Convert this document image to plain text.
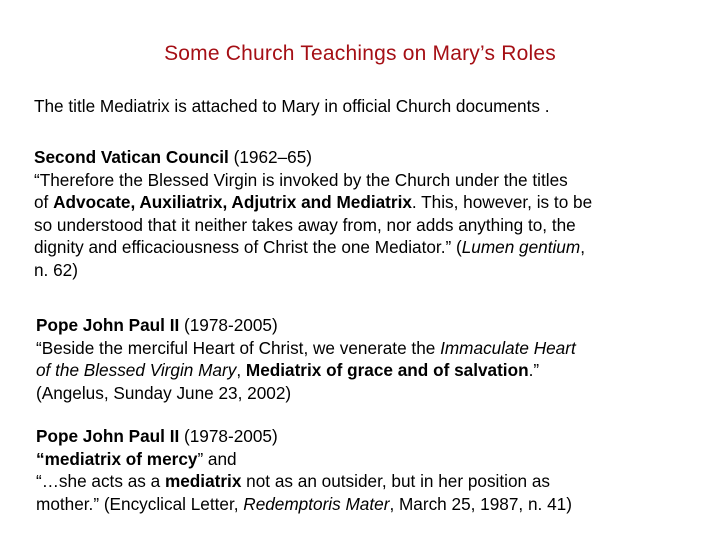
Some Church Teachings on Mary’s Roles
The title Mediatrix is attached to Mary in official Church documents .
Second Vatican Council (1962–65)
“Therefore the Blessed Virgin is invoked by the Church under the titles
of Advocate, Auxiliatrix, Adjutrix and Mediatrix. This, however, is to be
so understood that it neither takes away from, nor adds anything to, the
dignity and efficaciousness of Christ the one Mediator.” (Lumen gentium,
n. 62)
Pope John Paul II (1978-2005)
“Beside the merciful Heart of Christ, we venerate the Immaculate Heart
of the Blessed Virgin Mary, Mediatrix of grace and of salvation.”
(Angelus, Sunday June 23, 2002)
Pope John Paul II (1978-2005)
“mediatrix of mercy” and
“…she acts as a mediatrix not as an outsider, but in her position as
mother.” (Encyclical Letter, Redemptoris Mater, March 25, 1987, n. 41)
